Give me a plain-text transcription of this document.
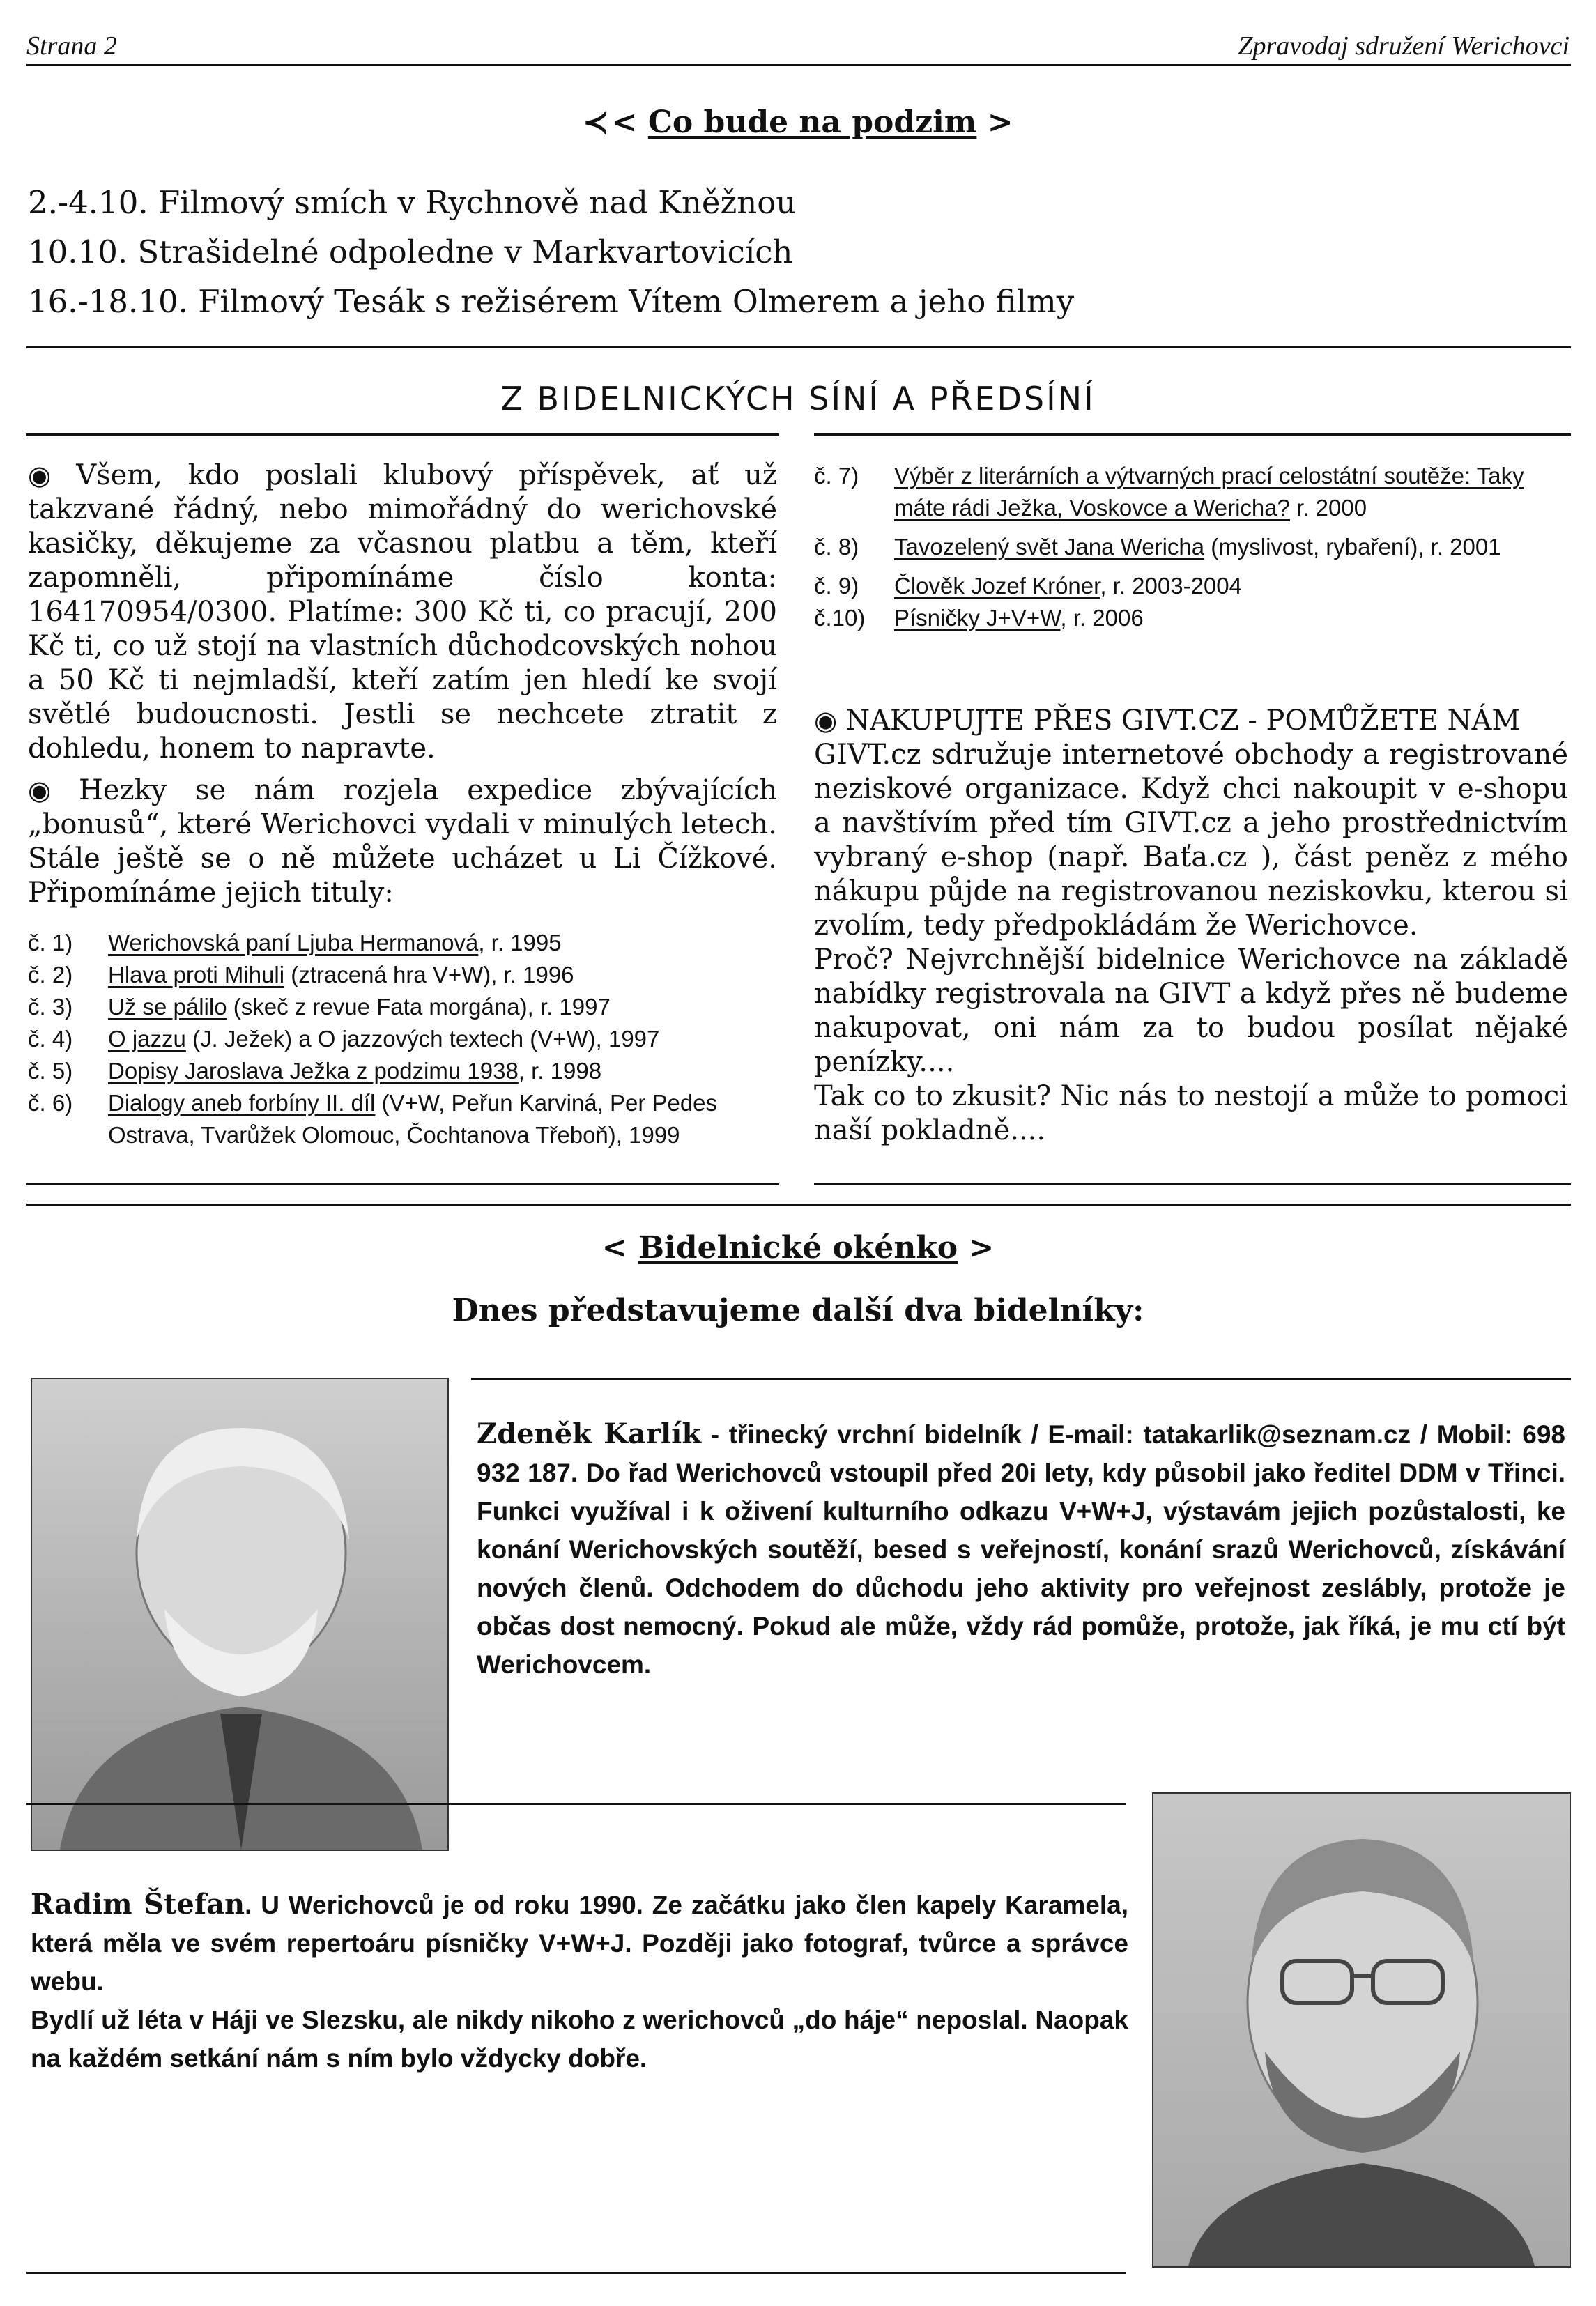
Strana 2	Zpravodaj sdružení Werichovci
≺ < Co bude na podzim >
2.-4.10. Filmový smích v Rychnově nad Kněžnou
10.10. Strašidelné odpoledne v Markvartovicích
16.-18.10. Filmový Tesák s režisérem Vítem Olmerem a jeho filmy
Z BIDELNICKÝCH SÍNÍ A PŘEDSÍNÍ
◉ Všem, kdo poslali klubový příspěvek, ať už takzvané řádný, nebo mimořádný do werichovské kasičky, děkujeme za včasnou platbu a těm, kteří zapomněli, připomínáme číslo konta: 164170954/0300. Platíme: 300 Kč ti, co pracují, 200 Kč ti, co už stojí na vlastních důchodcovských nohou a 50 Kč ti nejmladší, kteří zatím jen hledí ke svojí světlé budoucnosti. Jestli se nechcete ztratit z dohledu, honem to napravte.
◉ Hezky se nám rozjela expedice zbývajících „bonusů“, které Werichovci vydali v minulých letech. Stále ještě se o ně můžete ucházet u Li Čížkové. Připomínáme jejich tituly:
č. 1)	Werichovská paní Ljuba Hermanová, r. 1995
č. 2)	Hlava proti Mihuli (ztracená hra V+W), r. 1996
č. 3)	Už se pálilo (skeč z revue Fata morgána), r. 1997
č. 4)	O jazzu (J. Ježek) a O jazzových textech (V+W), 1997
č. 5)	Dopisy Jaroslava Ježka z podzimu 1938, r. 1998
č. 6)	Dialogy aneb forbíny II. díl (V+W, Peřun Karviná, Per Pedes Ostrava, Tvarůžek Olomouc, Čochtanova Třeboň), 1999
č. 7)	Výběr z literárních a výtvarných prací celostátní soutěže: Taky máte rádi Ježka, Voskovce a Wericha? r. 2000
č. 8)	Tavozelený svět Jana Wericha (myslivost, rybaření), r. 2001
č. 9)	Člověk Jozef Króner, r. 2003-2004
č.10)	Písničky J+V+W, r. 2006
◉ NAKUPUJTE PŘES GIVT.CZ - POMŮŽETE NÁM
GIVT.cz sdružuje internetové obchody a registrované neziskové organizace. Když chci nakoupit v e-shopu a navštívím před tím GIVT.cz a jeho prostřednictvím vybraný e-shop (např. Baťa.cz ), část peněz z mého nákupu půjde na registrovanou neziskovku, kterou si zvolím, tedy předpokládám že Werichovce.
Proč? Nejvrchnější bidelnice Werichovce na základě nabídky registrovala na GIVT a když přes ně budeme nakupovat, oni nám za to budou posílat nějaké penízky....
Tak co to zkusit? Nic nás to nestojí a může to pomoci naší pokladně....
< Bidelnické okénko >
Dnes představujeme další dva bidelníky:
Zdeněk Karlík - třinecký vrchní bidelník / E-mail: tatakarlik@seznam.cz / Mobil: 698 932 187. Do řad Werichovců vstoupil před 20i lety, kdy působil jako ředitel DDM v Třinci. Funkci využíval i k oživení kulturního odkazu V+W+J, výstavám jejich pozůstalosti, ke konání Werichovských soutěží, besed s veřejností, konání srazů Werichovců, získávání nových členů. Odchodem do důchodu jeho aktivity pro veřejnost zeslábly, protože je občas dost nemocný. Pokud ale může, vždy rád pomůže, protože, jak říká, je mu ctí být Werichovcem.
Radim Štefan. U Werichovců je od roku 1990. Ze začátku jako člen kapely Karamela, která měla ve svém repertoáru písničky V+W+J. Později jako fotograf, tvůrce a správce webu.
Bydlí už léta v Háji ve Slezsku, ale nikdy nikoho z werichovců „do háje“ neposlal. Naopak na každém setkání nám s ním bylo vždycky dobře.
